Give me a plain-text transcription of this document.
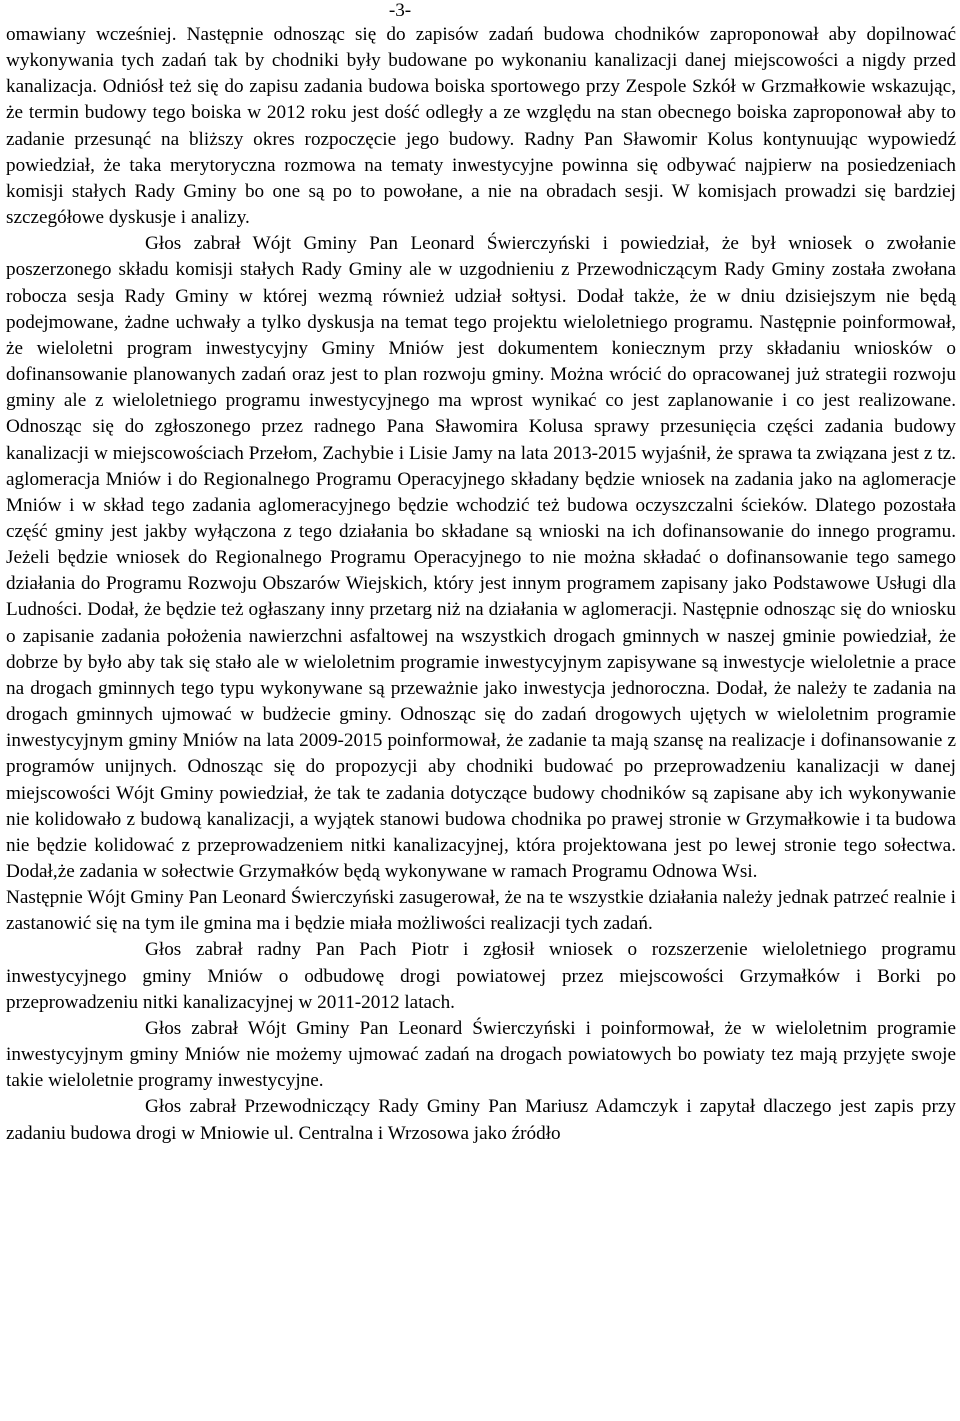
-3-

omawiany wcześniej. Następnie odnosząc się do zapisów zadań budowa chodników zaproponował aby dopilnować wykonywania tych zadań tak by chodniki były budowane po wykonaniu kanalizacji danej miejscowości a nigdy przed kanalizacja. Odniósł też się do zapisu zadania budowa boiska sportowego przy Zespole Szkół w Grzmałkowie wskazując, że termin budowy tego boiska w 2012 roku jest dość odległy a ze względu na stan obecnego boiska zaproponował aby to zadanie przesunąć na bliższy okres rozpoczęcie jego budowy. Radny Pan Sławomir Kolus kontynuując wypowiedź powiedział, że taka merytoryczna rozmowa na tematy inwestycyjne powinna się odbywać najpierw na posiedzeniach komisji stałych Rady Gminy bo one są po to powołane, a nie na obradach sesji. W komisjach prowadzi się bardziej szczegółowe dyskusje i analizy.

Głos zabrał Wójt Gminy Pan Leonard Świerczyński i powiedział, że był wniosek o zwołanie poszerzonego składu komisji stałych Rady Gminy ale w uzgodnieniu z Przewodniczącym Rady Gminy została zwołana robocza sesja Rady Gminy w której wezmą również udział sołtysi. Dodał także, że w dniu dzisiejszym nie będą podejmowane, żadne uchwały a tylko dyskusja na temat tego projektu wieloletniego programu. Następnie poinformował, że wieloletni program inwestycyjny Gminy Mniów jest dokumentem koniecznym przy składaniu wniosków o dofinansowanie planowanych zadań oraz jest to plan rozwoju gminy. Można wrócić do opracowanej już strategii rozwoju gminy ale z wieloletniego programu inwestycyjnego ma wprost wynikać co jest zaplanowanie i co jest realizowane. Odnosząc się do zgłoszonego przez radnego Pana Sławomira Kolusa sprawy przesunięcia części zadania budowy kanalizacji w miejscowościach Przełom, Zachybie i Lisie Jamy na lata 2013-2015 wyjaśnił, że sprawa ta związana jest z tz. aglomeracja Mniów i do Regionalnego Programu Operacyjnego składany będzie wniosek na zadania jako na aglomeracje Mniów i w skład tego zadania aglomeracyjnego będzie wchodzić też budowa oczyszczalni ścieków. Dlatego pozostała część gminy jest jakby wyłączona z tego działania bo składane są wnioski na ich dofinansowanie do innego programu. Jeżeli będzie wniosek do Regionalnego Programu Operacyjnego to nie można składać o dofinansowanie tego samego działania do Programu Rozwoju Obszarów Wiejskich, który jest innym programem zapisany jako Podstawowe Usługi dla Ludności. Dodał, że będzie też ogłaszany inny przetarg niż na działania w aglomeracji. Następnie odnosząc się do wniosku o zapisanie zadania położenia nawierzchni asfaltowej na wszystkich drogach gminnych w naszej gminie powiedział, że dobrze by było aby tak się stało ale w wieloletnim programie inwestycyjnym zapisywane są inwestycje wieloletnie a prace na drogach gminnych tego typu wykonywane są przeważnie jako inwestycja jednoroczna. Dodał, że należy te zadania na drogach gminnych ujmować w budżecie gminy. Odnosząc się do zadań drogowych ujętych w wieloletnim programie inwestycyjnym gminy Mniów na lata 2009-2015 poinformował, że zadanie ta mają szansę na realizacje i dofinansowanie z programów unijnych. Odnosząc się do propozycji aby chodniki budować po przeprowadzeniu kanalizacji w danej miejscowości Wójt Gminy powiedział, że tak te zadania dotyczące budowy chodników są zapisane aby ich wykonywanie nie kolidowało z budową kanalizacji, a wyjątek stanowi budowa chodnika po prawej stronie w Grzymałkowie i ta budowa nie będzie kolidować z przeprowadzeniem nitki kanalizacyjnej, która projektowana jest po lewej stronie tego sołectwa. Dodał,że zadania w sołectwie Grzymałków będą wykonywane w ramach Programu Odnowa Wsi.

Następnie Wójt Gminy Pan Leonard Świerczyński zasugerował, że na te wszystkie działania należy jednak patrzeć realnie i zastanowić się na tym ile gmina ma i będzie miała możliwości realizacji tych zadań.

Głos zabrał radny Pan Pach Piotr i zgłosił wniosek o rozszerzenie wieloletniego programu inwestycyjnego gminy Mniów o odbudowę drogi powiatowej przez miejscowości Grzymałków i Borki po przeprowadzeniu nitki kanalizacyjnej w 2011-2012 latach.

Głos zabrał Wójt Gminy Pan Leonard Świerczyński i poinformował, że w wieloletnim programie inwestycyjnym gminy Mniów nie możemy ujmować zadań na drogach powiatowych bo powiaty tez mają przyjęte swoje takie wieloletnie programy inwestycyjne.

Głos zabrał Przewodniczący Rady Gminy Pan Mariusz Adamczyk i zapytał dlaczego jest zapis przy zadaniu budowa drogi w Mniowie ul. Centralna i Wrzosowa jako źródło
